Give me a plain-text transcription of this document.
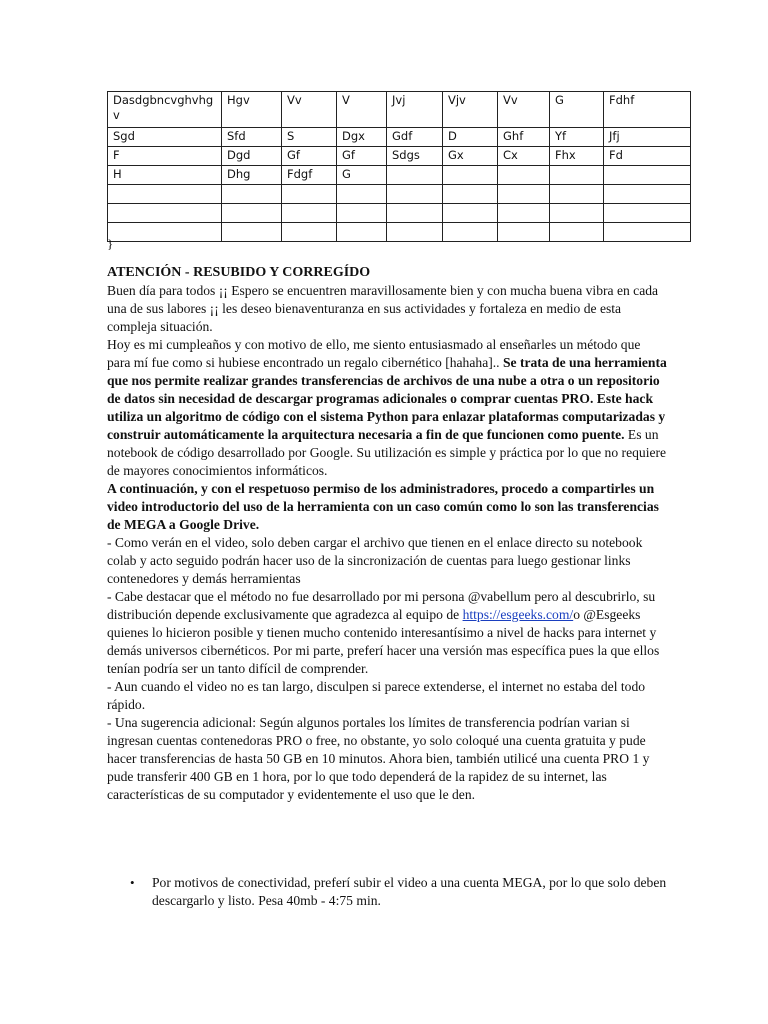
Dasdgbncvghvhgv	Hgv	Vv	V	Jvj	Vjv	Vv	G	Fdhf
Sgd	Sfd	S	Dgx	Gdf	D	Ghf	Yf	Jfj
F	Dgd	Gf	Gf	Sdgs	Gx	Cx	Fhx	Fd
H	Dhg	Fdgf	G					

}

ATENCIÓN - RESUBIDO Y CORREGÍDO

Buen día para todos ¡¡ Espero se encuentren maravillosamente bien y con mucha buena vibra en cada una de sus labores ¡¡ les deseo bienaventuranza en sus actividades y fortaleza en medio de esta compleja situación.

Hoy es mi cumpleaños y con motivo de ello, me siento entusiasmado al enseñarles un método que para mí fue como si hubiese encontrado un regalo cibernético [hahaha].. Se trata de una herramienta que nos permite realizar grandes transferencias de archivos de una nube a otra o un repositorio de datos sin necesidad de descargar programas adicionales o comprar cuentas PRO. Este hack utiliza un algoritmo de código con el sistema Python para enlazar plataformas computarizadas y construir automáticamente la arquitectura necesaria a fin de que funcionen como puente. Es un notebook de código desarrollado por Google. Su utilización es simple y práctica por lo que no requiere de mayores conocimientos informáticos.

A continuación, y con el respetuoso permiso de los administradores, procedo a compartirles un video introductorio del uso de la herramienta con un caso común como lo son las transferencias de MEGA a Google Drive.

- Como verán en el video, solo deben cargar el archivo que tienen en el enlace directo su notebook colab y acto seguido podrán hacer uso de la sincronización de cuentas para luego gestionar links contenedores y demás herramientas

- Cabe destacar que el método no fue desarrollado por mi persona @vabellum pero al descubrirlo, su distribución depende exclusivamente que agradezca al equipo de https://esgeeks.com/o @Esgeeks quienes lo hicieron posible y tienen mucho contenido interesantísimo a nivel de hacks para internet y demás universos cibernéticos. Por mi parte, preferí hacer una versión mas específica pues la que ellos tenían podría ser un tanto difícil de comprender.

- Aun cuando el video no es tan largo, disculpen si parece extenderse, el internet no estaba del todo rápido.

- Una sugerencia adicional: Según algunos portales los límites de transferencia podrían varian si ingresan cuentas contenedoras PRO o free, no obstante, yo solo coloqué una cuenta gratuita y pude hacer transferencias de hasta 50 GB en 10 minutos. Ahora bien, también utilicé una cuenta PRO 1 y pude transferir 400 GB en 1 hora, por lo que todo dependerá de la rapidez de su internet, las características de su computador y evidentemente el uso que le den.

• Por motivos de conectividad, preferí subir el video a una cuenta MEGA, por lo que solo deben descargarlo y listo. Pesa 40mb - 4:75 min.
